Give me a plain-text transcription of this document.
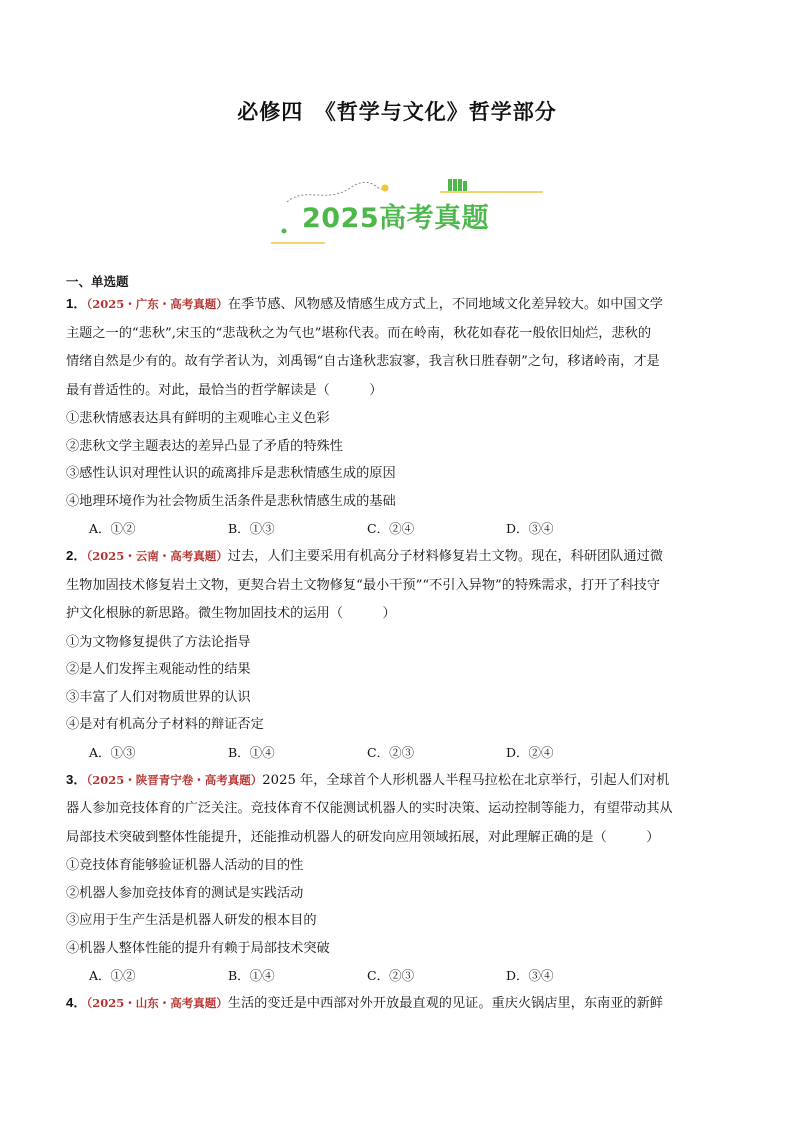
必修四　《哲学与文化》哲学部分
2025高考真题
一、单选题
1．（2025・广东・高考真题）在季节感、风物感及情感生成方式上，不同地域文化差异较大。如中国文学
主题之一的“悲秋”,宋玉的“悲哉秋之为气也”堪称代表。而在岭南，秋花如春花一般依旧灿烂，悲秋的
情绪自然是少有的。故有学者认为，刘禹锡“自古逢秋悲寂寥，我言秋日胜春朝”之句，移诸岭南，才是
最有普适性的。对此，最恰当的哲学解读是（　　　）
①悲秋情感表达具有鲜明的主观唯心主义色彩
②悲秋文学主题表达的差异凸显了矛盾的特殊性
③感性认识对理性认识的疏离排斥是悲秋情感生成的原因
④地理环境作为社会物质生活条件是悲秋情感生成的基础
A．①②	B．①③	C．②④	D．③④
2．（2025・云南・高考真题）过去，人们主要采用有机高分子材料修复岩土文物。现在，科研团队通过微
生物加固技术修复岩土文物，更契合岩土文物修复“最小干预”“不引入异物”的特殊需求，打开了科技守
护文化根脉的新思路。微生物加固技术的运用（　　　）
①为文物修复提供了方法论指导
②是人们发挥主观能动性的结果
③丰富了人们对物质世界的认识
④是对有机高分子材料的辩证否定
A．①③	B．①④	C．②③	D．②④
3．（2025・陕晋青宁卷・高考真题）2025 年，全球首个人形机器人半程马拉松在北京举行，引起人们对机
器人参加竞技体育的广泛关注。竞技体育不仅能测试机器人的实时决策、运动控制等能力，有望带动其从
局部技术突破到整体性能提升，还能推动机器人的研发向应用领域拓展，对此理解正确的是（　　　）
①竞技体育能够验证机器人活动的目的性
②机器人参加竞技体育的测试是实践活动
③应用于生产生活是机器人研发的根本目的
④机器人整体性能的提升有赖于局部技术突破
A．①②	B．①④	C．②③	D．③④
4．（2025・山东・高考真题）生活的变迁是中西部对外开放最直观的见证。重庆火锅店里，东南亚的新鲜
